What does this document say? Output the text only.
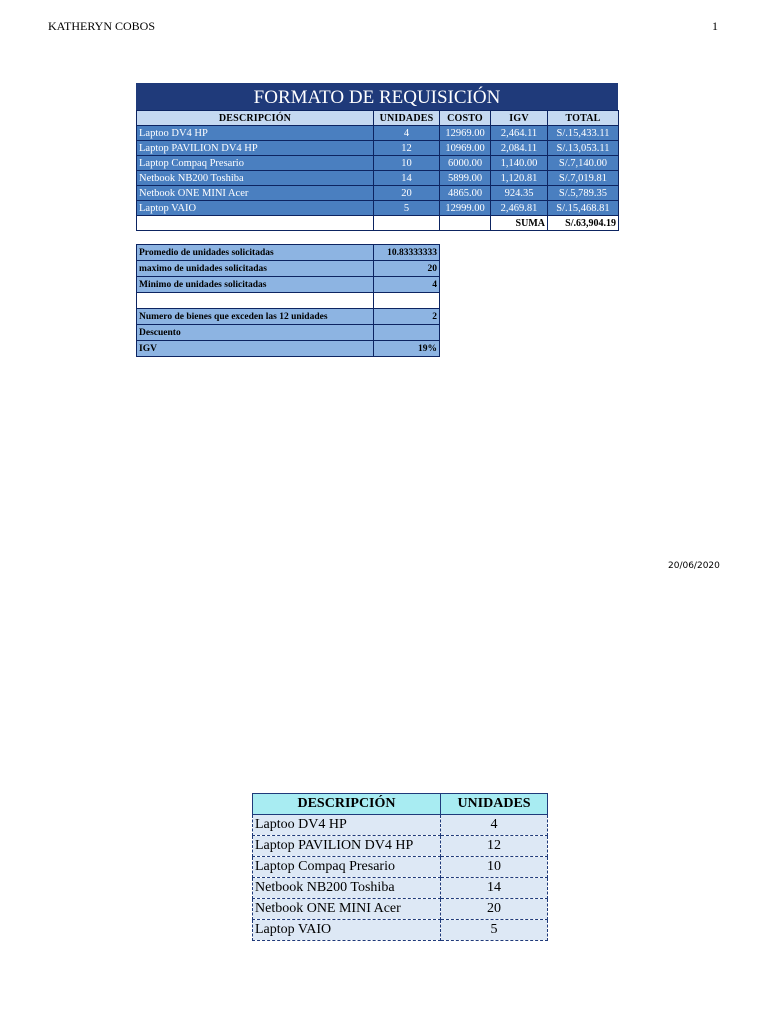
KATHERYN COBOS	1
FORMATO DE REQUISICIÓN
DESCRIPCIÓN	UNIDADES	COSTO	IGV	TOTAL
Laptoo DV4 HP	4	12969.00	2,464.11	S/.15,433.11
Laptop PAVILION DV4 HP	12	10969.00	2,084.11	S/.13,053.11
Laptop Compaq Presario	10	6000.00	1,140.00	S/.7,140.00
Netbook NB200 Toshiba	14	5899.00	1,120.81	S/.7,019.81
Netbook ONE MINI Acer	20	4865.00	924.35	S/.5,789.35
Laptop VAIO	5	12999.00	2,469.81	S/.15,468.81
			SUMA	S/.63,904.19
Promedio de unidades solicitadas	10.83333333
maximo de unidades solicitadas	20
Minimo de unidades solicitadas	4

Numero de bienes que exceden las 12 unidades	2
Descuento	
IGV	19%
20/06/2020
DESCRIPCIÓN	UNIDADES
Laptoo DV4 HP	4
Laptop PAVILION DV4 HP	12
Laptop Compaq Presario	10
Netbook NB200 Toshiba	14
Netbook ONE MINI Acer	20
Laptop VAIO	5
